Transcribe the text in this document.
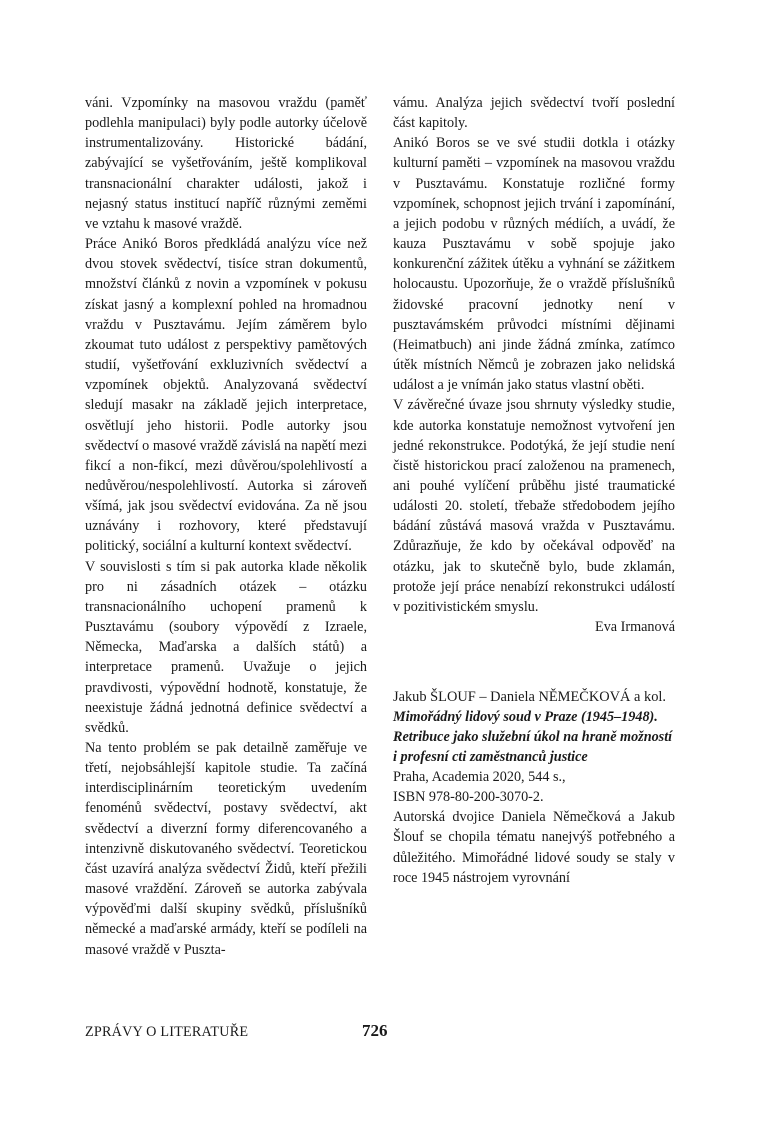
váni. Vzpomínky na masovou vraždu (paměť podlehla manipulaci) byly podle autorky účelově instrumentalizovány. Historické bádání, zabývající se vyšetřováním, ještě komplikoval transnacionální charakter události, jakož i nejasný status institucí napříč různými zeměmi ve vztahu k masové vraždě.

Práce Anikó Boros předkládá analýzu více než dvou stovek svědectví, tisíce stran dokumentů, množství článků z novin a vzpomínek v pokusu získat jasný a komplexní pohled na hromadnou vraždu v Pusztavámu. Jejím záměrem bylo zkoumat tuto událost z perspektivy pamětových studií, vyšetřování exkluzivních svědectví a vzpomínek objektů. Analyzovaná svědectví sledují masakr na základě jejich interpretace, osvětlují jeho historii. Podle autorky jsou svědectví o masové vraždě závislá na napětí mezi fikcí a non-fikcí, mezi důvěrou/spolehlivostí a nedůvěrou/nespolehlivostí. Autorka si zároveň všímá, jak jsou svědectví evidována. Za ně jsou uznávány i rozhovory, které představují politický, sociální a kulturní kontext svědectví.

V souvislosti s tím si pak autorka klade několik pro ni zásadních otázek – otázku transnacionálního uchopení pramenů k Pusztavámu (soubory výpovědí z Izraele, Německa, Maďarska a dalších států) a interpretace pramenů. Uvažuje o jejich pravdivosti, výpovědní hodnotě, konstatuje, že neexistuje žádná jednotná definice svědectví a svědků.

Na tento problém se pak detailně zaměřuje ve třetí, nejobsáhlejší kapitole studie. Ta začíná interdisciplinárním teoretickým uvedením fenoménů svědectví, postavy svědectví, akt svědectví a diverzní formy diferencovaného a intenzivně diskutovaného svědectví. Teoretickou část uzavírá analýza svědectví Židů, kteří přežili masové vraždění. Zároveň se autorka zabývala výpověďmi další skupiny svědků, příslušníků německé a maďarské armády, kteří se podíleli na masové vraždě v Puszta-

vámu. Analýza jejich svědectví tvoří poslední část kapitoly.

Anikó Boros se ve své studii dotkla i otázky kulturní paměti – vzpomínek na masovou vraždu v Pusztavámu. Konstatuje rozličné formy vzpomínek, schopnost jejich trvání i zapomínání, a jejich podobu v různých médiích, a uvádí, že kauza Pusztavámu v sobě spojuje jako konkurenční zážitek útěku a vyhnání se zážitkem holocaustu. Upozorňuje, že o vraždě příslušníků židovské pracovní jednotky není v pusztavámském průvodci místními dějinami (Heimatbuch) ani jinde žádná zmínka, zatímco útěk místních Němců je zobrazen jako nelidská událost a je vnímán jako status vlastní oběti.

V závěrečné úvaze jsou shrnuty výsledky studie, kde autorka konstatuje nemožnost vytvoření jen jedné rekonstrukce. Podotýká, že její studie není čistě historickou prací založenou na pramenech, ani pouhé vylíčení průběhu jisté traumatické události 20. století, třebaže středobodem jejího bádání zůstává masová vražda v Pusztavámu. Zdůrazňuje, že kdo by očekával odpověď na otázku, jak to skutečně bylo, bude zklamán, protože její práce nenabízí rekonstrukci událostí v pozitivistickém smyslu.

Eva Irmanová

Jakub ŠLOUF – Daniela NĚMEČKOVÁ a kol.

Mimořádný lidový soud v Praze (1945–1948). Retribuce jako služební úkol na hraně možností i profesní cti zaměstnanců justice

Praha, Academia 2020, 544 s.,

ISBN 978-80-200-3070-2.

Autorská dvojice Daniela Němečková a Jakub Šlouf se chopila tématu nanejvýš potřebného a důležitého. Mimořádné lidové soudy se staly v roce 1945 nástrojem vyrovnání

ZPRÁVY O LITERATUŘE	726
